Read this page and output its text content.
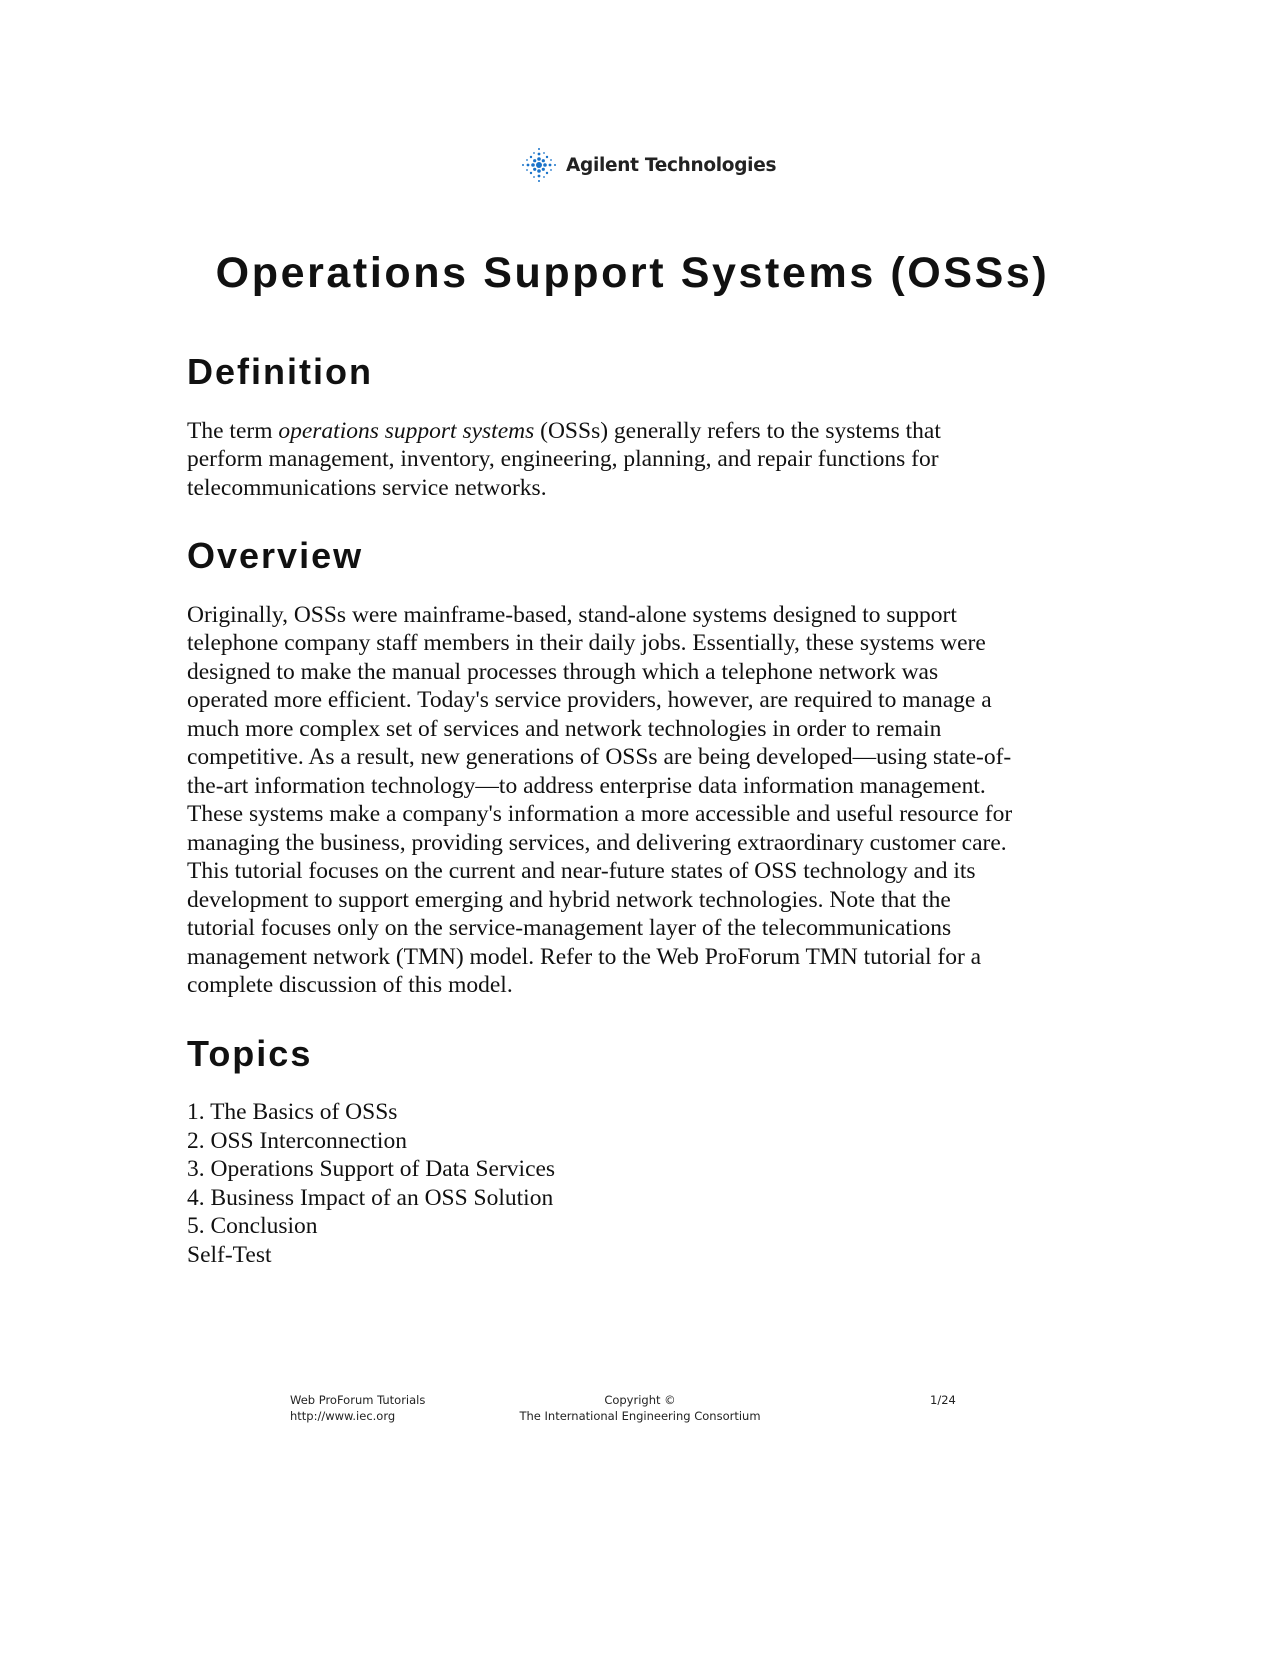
Agilent Technologies
Operations Support Systems (OSSs)
Definition

The term operations support systems (OSSs) generally refers to the systems that perform management, inventory, engineering, planning, and repair functions for telecommunications service networks.

Overview

Originally, OSSs were mainframe-based, stand-alone systems designed to support telephone company staff members in their daily jobs. Essentially, these systems were designed to make the manual processes through which a telephone network was operated more efficient. Today's service providers, however, are required to manage a much more complex set of services and network technologies in order to remain competitive. As a result, new generations of OSSs are being developed—using state-of-the-art information technology—to address enterprise data information management. These systems make a company's information a more accessible and useful resource for managing the business, providing services, and delivering extraordinary customer care.

This tutorial focuses on the current and near-future states of OSS technology and its development to support emerging and hybrid network technologies. Note that the tutorial focuses only on the service-management layer of the telecommunications management network (TMN) model. Refer to the Web ProForum TMN tutorial for a complete discussion of this model.

Topics
1. The Basics of OSSs
2. OSS Interconnection
3. Operations Support of Data Services
4. Business Impact of an OSS Solution
5. Conclusion
Self-Test
Web ProForum Tutorials
http://www.iec.org
Copyright ©
The International Engineering Consortium
1/24
